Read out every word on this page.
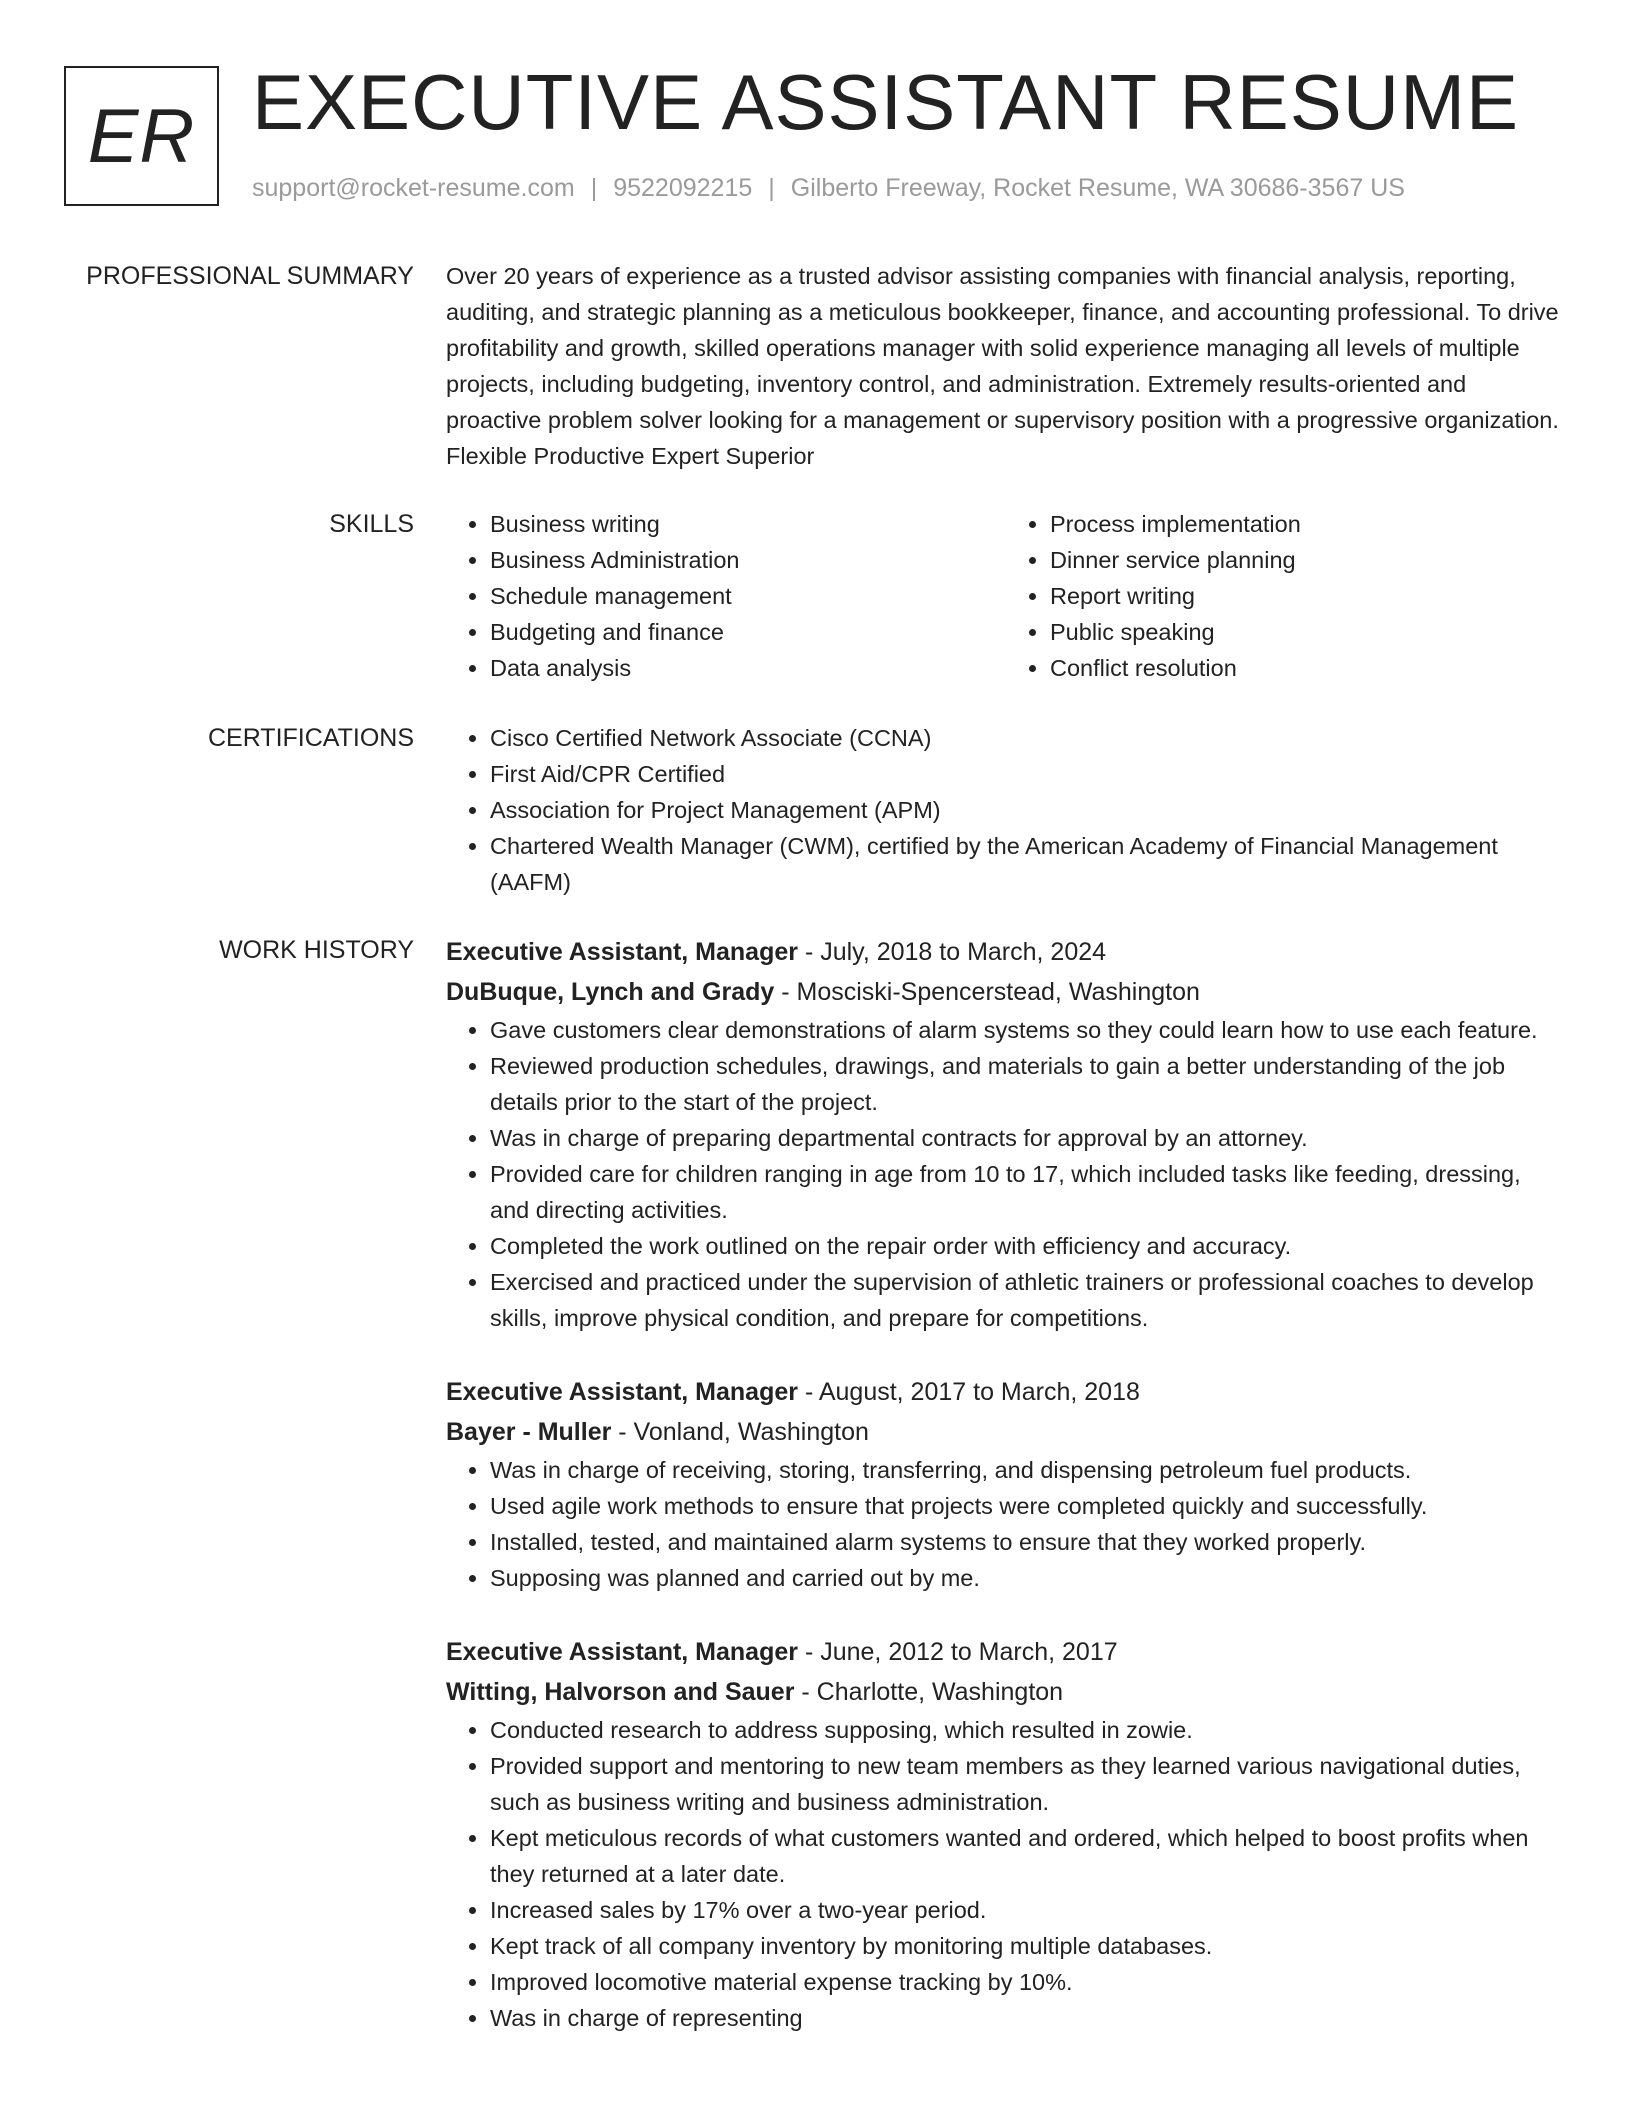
ER EXECUTIVE ASSISTANT RESUME
support@rocket-resume.com | 9522092215 | Gilberto Freeway, Rocket Resume, WA 30686-3567 US
PROFESSIONAL SUMMARY Over 20 years of experience as a trusted advisor assisting companies with financial analysis, reporting, auditing, and strategic planning as a meticulous bookkeeper, finance, and accounting professional. To drive profitability and growth, skilled operations manager with solid experience managing all levels of multiple projects, including budgeting, inventory control, and administration. Extremely results-oriented and proactive problem solver looking for a management or supervisory position with a progressive organization. Flexible Productive Expert Superior
SKILLS	• Business writing
• Business Administration
• Schedule management
• Budgeting and finance
• Data analysis
• Process implementation
• Dinner service planning
• Report writing
• Public speaking
• Conflict resolution
CERTIFICATIONS	• Cisco Certified Network Associate (CCNA)
• First Aid/CPR Certified
• Association for Project Management (APM)
• Chartered Wealth Manager (CWM), certified by the American Academy of Financial Management (AAFM)
WORK HISTORY Executive Assistant, Manager - July, 2018 to March, 2024
DuBuque, Lynch and Grady - Mosciski-Spencerstead, Washington
• Gave customers clear demonstrations of alarm systems so they could learn how to use each feature.
• Reviewed production schedules, drawings, and materials to gain a better understanding of the job details prior to the start of the project.
• Was in charge of preparing departmental contracts for approval by an attorney.
• Provided care for children ranging in age from 10 to 17, which included tasks like feeding, dressing, and directing activities.
• Completed the work outlined on the repair order with efficiency and accuracy.
• Exercised and practiced under the supervision of athletic trainers or professional coaches to develop skills, improve physical condition, and prepare for competitions.
Executive Assistant, Manager - August, 2017 to March, 2018
Bayer - Muller - Vonland, Washington
• Was in charge of receiving, storing, transferring, and dispensing petroleum fuel products.
• Used agile work methods to ensure that projects were completed quickly and successfully.
• Installed, tested, and maintained alarm systems to ensure that they worked properly.
• Supposing was planned and carried out by me.
Executive Assistant, Manager - June, 2012 to March, 2017
Witting, Halvorson and Sauer - Charlotte, Washington
• Conducted research to address supposing, which resulted in zowie.
• Provided support and mentoring to new team members as they learned various navigational duties, such as business writing and business administration.
• Kept meticulous records of what customers wanted and ordered, which helped to boost profits when they returned at a later date.
• Increased sales by 17% over a two-year period.
• Kept track of all company inventory by monitoring multiple databases.
• Improved locomotive material expense tracking by 10%.
• Was in charge of representing
